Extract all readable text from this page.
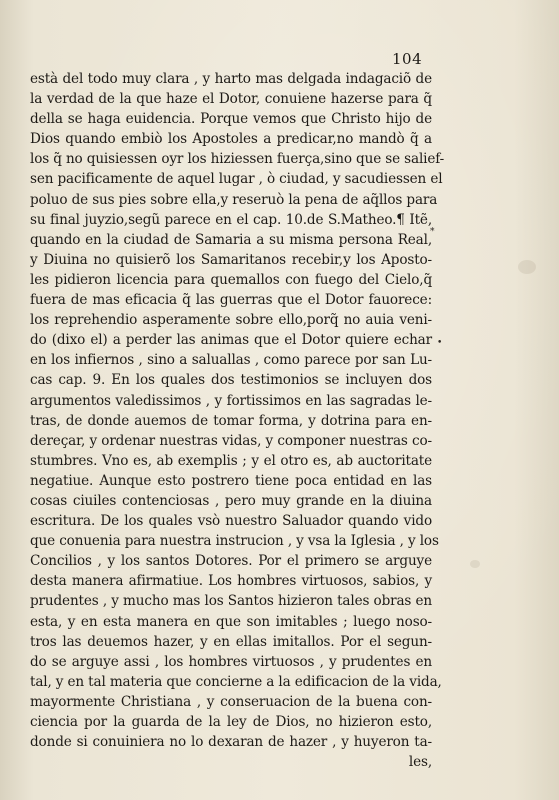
104
*
•
està del todo muy clara , y harto mas delgada indagaciõ de
la verdad de la que haze el Dotor, conuiene hazerse para q̃
della se haga euidencia. Porque vemos que Christo hijo de
Dios quando embiò los Apostoles a predicar,no mandò q̃ a
los q̃ no quisiessen oyr los hiziessen fuerça,sino que se salief-
sen pacificamente de aquel lugar , ò ciudad, y sacudiessen el
poluo de sus pies sobre ella,y reseruò la pena de aq̃llos para
su final juyzio,segũ parece en el cap. 10.de S.Matheo.¶ Itẽ,
quando en la ciudad de Samaria a su misma persona Real,
y Diuina no quisierõ los Samaritanos recebir,y los Aposto-
les pidieron licencia para quemallos con fuego del Cielo,q̃
fuera de mas eficacia q̃ las guerras que el Dotor fauorece:
los reprehendio asperamente sobre ello,porq̃ no auia veni-
do (dixo el) a perder las animas que el Dotor quiere echar
en los infiernos , sino a saluallas , como parece por san Lu-
cas cap. 9. En los quales dos testimonios se incluyen dos
argumentos valedissimos , y fortissimos en las sagradas le-
tras, de donde auemos de tomar forma, y dotrina para en-
dereçar, y ordenar nuestras vidas, y componer nuestras co-
stumbres. Vno es, ab exemplis ; y el otro es, ab auctoritate
negatiue. Aunque esto postrero tiene poca entidad en las
cosas ciuiles contenciosas , pero muy grande en la diuina
escritura. De los quales vsò nuestro Saluador quando vido
que conuenia para nuestra instrucion , y vsa la Iglesia , y los
Concilios , y los santos Dotores. Por el primero se arguye
desta manera afirmatiue. Los hombres virtuosos, sabios, y
prudentes , y mucho mas los Santos hizieron tales obras en
esta, y en esta manera en que son imitables ; luego noso-
tros las deuemos hazer, y en ellas imitallos. Por el segun-
do se arguye assi , los hombres virtuosos , y prudentes en
tal, y en tal materia que concierne a la edificacion de la vida,
mayormente Christiana , y conseruacion de la buena con-
ciencia por la guarda de la ley de Dios, no hizieron esto,
donde si conuiniera no lo dexaran de hazer , y huyeron ta-
les,
